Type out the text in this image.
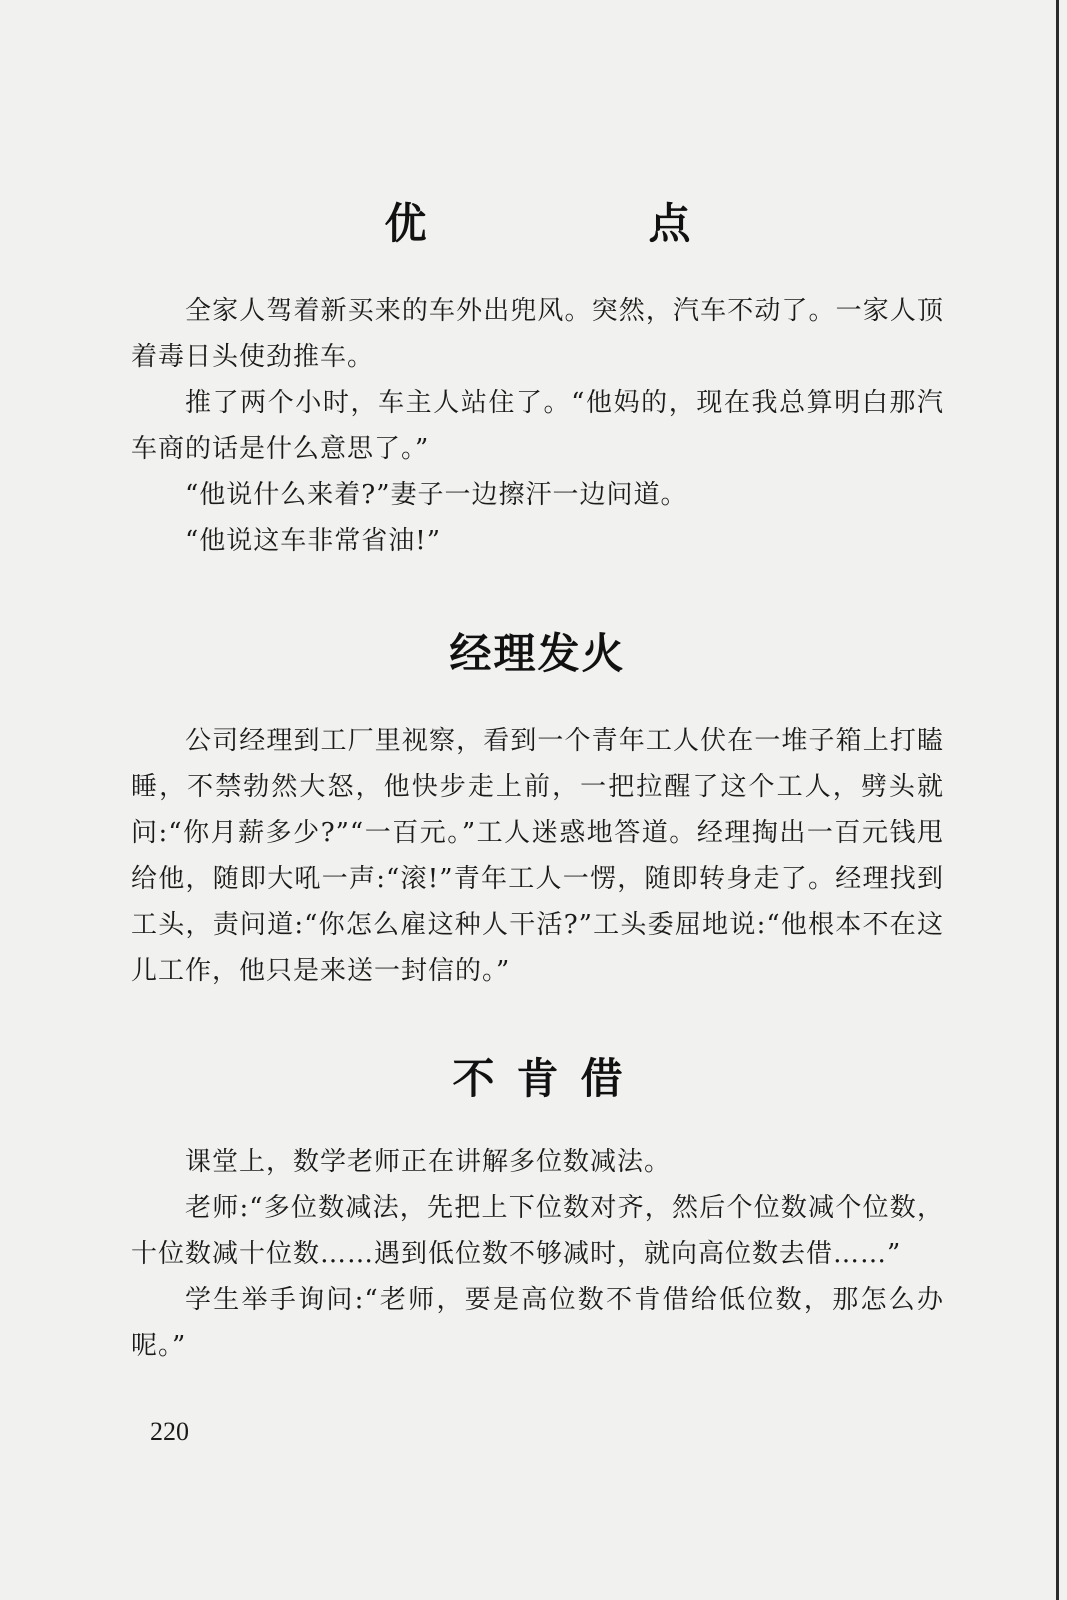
优　点

全家人驾着新买来的车外出兜风。突然，汽车不动了。一家人顶着毒日头使劲推车。

推了两个小时，车主人站住了。“他妈的，现在我总算明白那汽车商的话是什么意思了。”

“他说什么来着?”妻子一边擦汗一边问道。

“他说这车非常省油!”

经理发火

公司经理到工厂里视察，看到一个青年工人伏在一堆子箱上打瞌睡，不禁勃然大怒，他快步走上前，一把拉醒了这个工人，劈头就问:“你月薪多少?”“一百元。”工人迷惑地答道。经理掏出一百元钱甩给他，随即大吼一声:“滚!”青年工人一愣，随即转身走了。经理找到工头，责问道:“你怎么雇这种人干活?”工头委屈地说:“他根本不在这儿工作，他只是来送一封信的。”

不肯借

课堂上，数学老师正在讲解多位数减法。

老师:“多位数减法，先把上下位数对齐，然后个位数减个位数，十位数减十位数……遇到低位数不够减时，就向高位数去借……”

学生举手询问:“老师，要是高位数不肯借给低位数，那怎么办呢。”

220
